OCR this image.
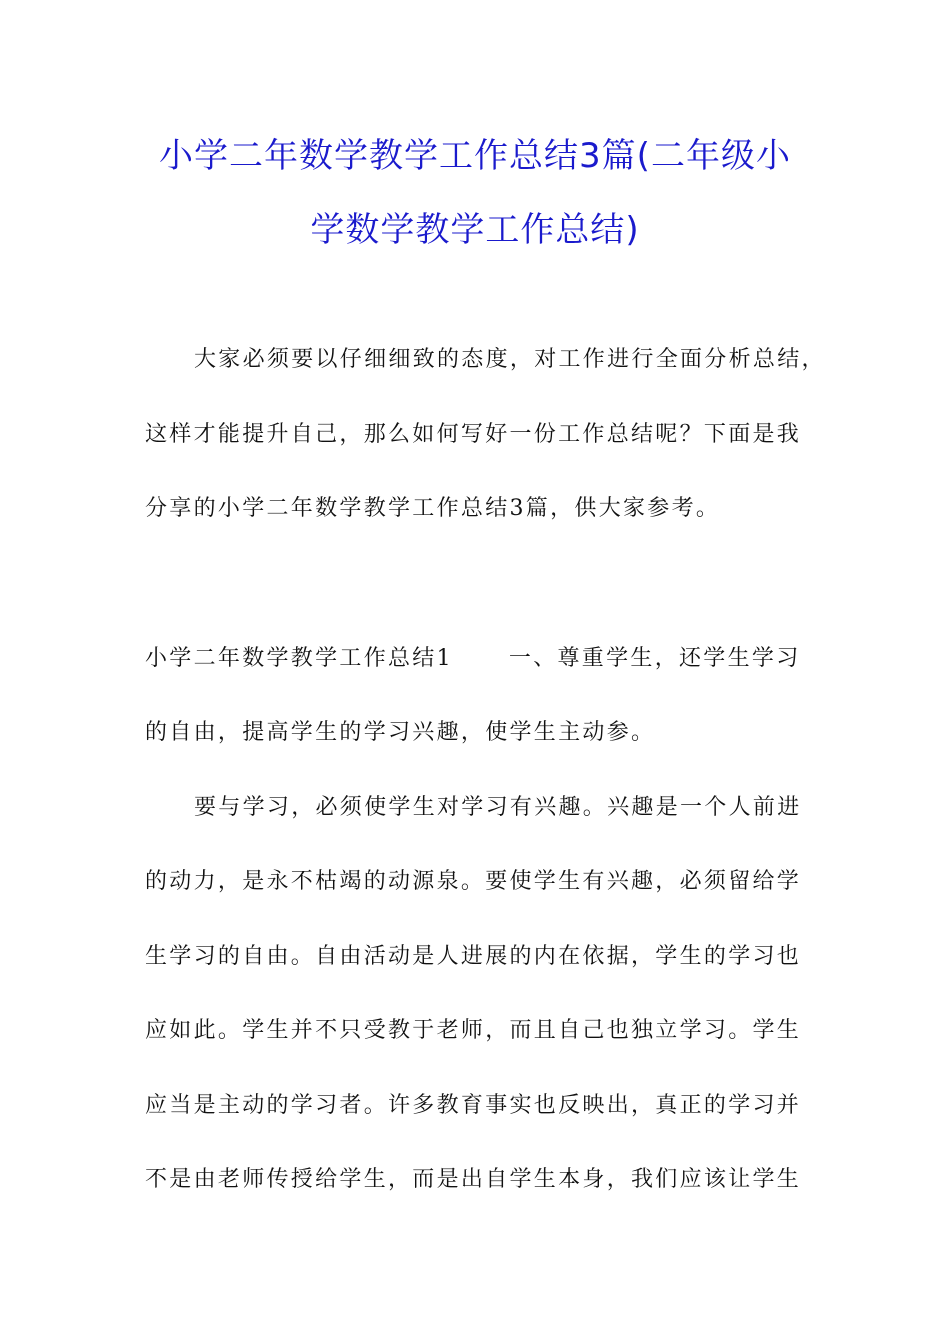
小学二年数学教学工作总结3篇(二年级小
学数学教学工作总结)
大家必须要以仔细细致的态度，对工作进行全面分析总结，
这样才能提升自己，那么如何写好一份工作总结呢？下面是我
分享的小学二年数学教学工作总结3篇，供大家参考。
小学二年数学教学工作总结1	一、尊重学生，还学生学习
的自由，提高学生的学习兴趣，使学生主动参。
要与学习，必须使学生对学习有兴趣。兴趣是一个人前进
的动力，是永不枯竭的动源泉。要使学生有兴趣，必须留给学
生学习的自由。自由活动是人进展的内在依据，学生的学习也
应如此。学生并不只受教于老师，而且自己也独立学习。学生
应当是主动的学习者。许多教育事实也反映出，真正的学习并
不是由老师传授给学生，而是出自学生本身，我们应该让学生
